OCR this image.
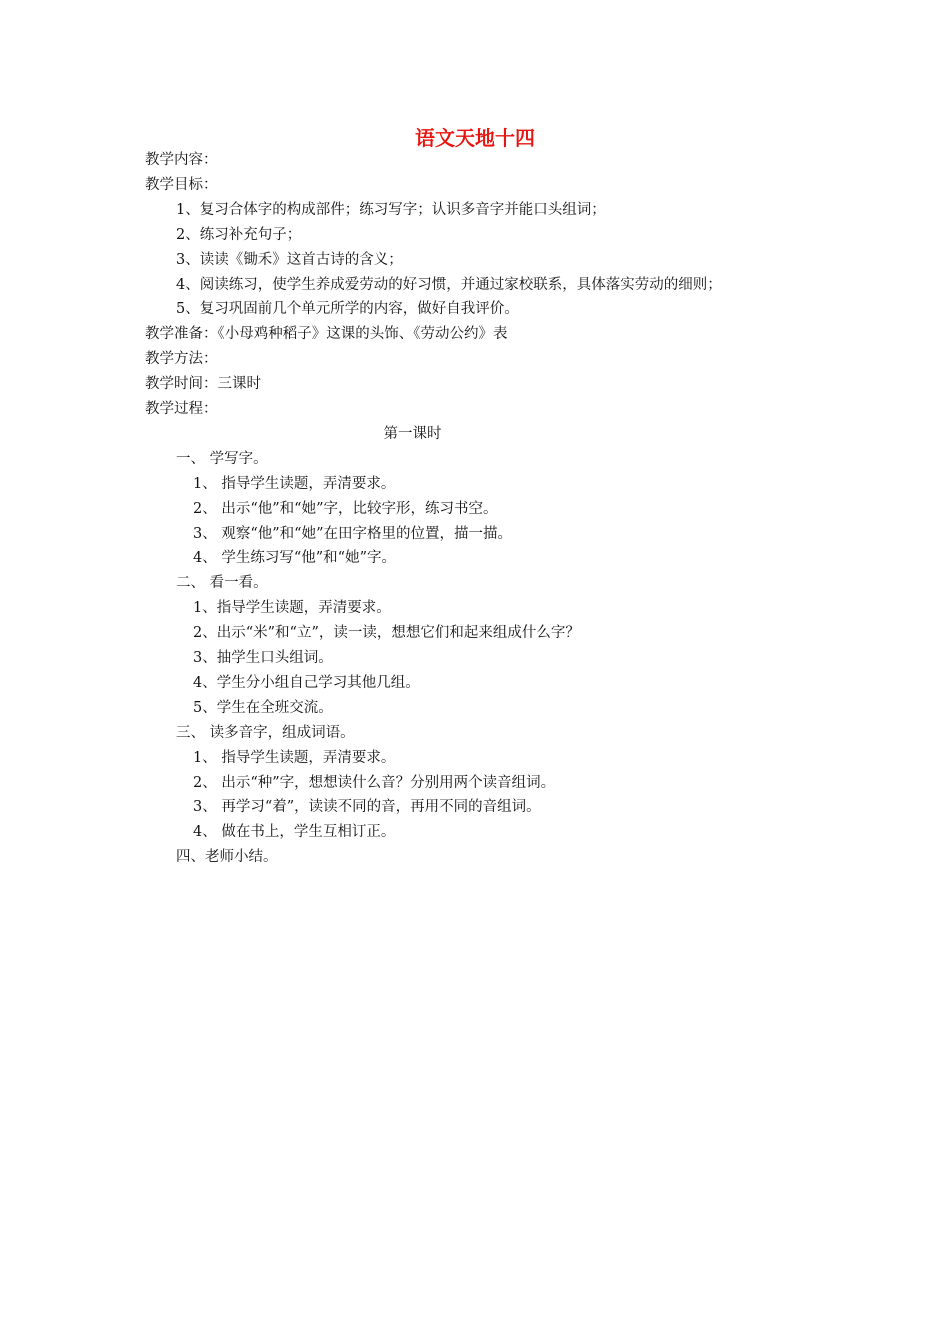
语文天地十四
教学内容：
教学目标：
1、复习合体字的构成部件；练习写字；认识多音字并能口头组词；
2、练习补充句子；
3、读读《锄禾》这首古诗的含义；
4、阅读练习，使学生养成爱劳动的好习惯，并通过家校联系，具体落实劳动的细则；
5、复习巩固前几个单元所学的内容，做好自我评价。
教学准备：《小母鸡种稻子》这课的头饰、《劳动公约》表
教学方法：
教学时间：三课时
教学过程：
第一课时
一、 学写字。
1、 指导学生读题，弄清要求。
2、 出示“他”和“她”字，比较字形，练习书空。
3、 观察“他”和“她”在田字格里的位置，描一描。
4、 学生练习写“他”和“她”字。
二、 看一看。
1、指导学生读题，弄清要求。
2、出示“米”和“立”，读一读，想想它们和起来组成什么字？
3、抽学生口头组词。
4、学生分小组自己学习其他几组。
5、学生在全班交流。
三、 读多音字，组成词语。
1、 指导学生读题，弄清要求。
2、 出示“种”字，想想读什么音？分别用两个读音组词。
3、 再学习“着”，读读不同的音，再用不同的音组词。
4、 做在书上，学生互相订正。
四、老师小结。
